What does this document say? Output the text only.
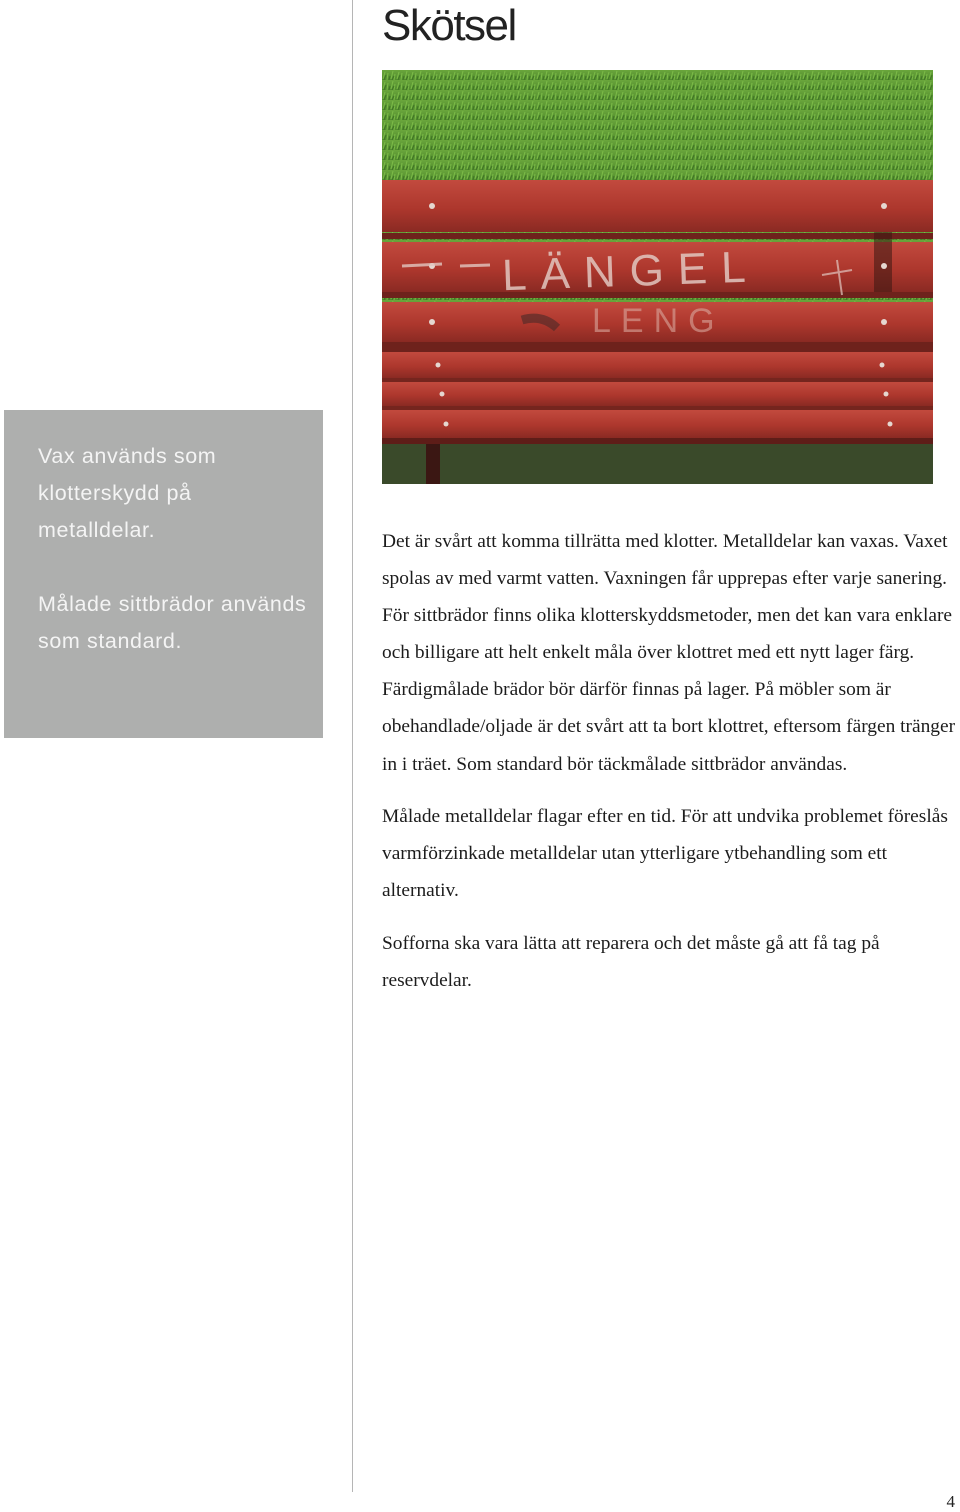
Skötsel

Vax används som klotterskydd på metalldelar.

Målade sittbrädor används som standard.

LÄNGEL
LENG

Det är svårt att komma tillrätta med klotter. Metalldelar kan vaxas. Vaxet spolas av med varmt vatten. Vaxningen får upprepas efter varje sanering. För sittbrädor finns olika klotterskyddsmetoder, men det kan vara enklare och billigare att helt enkelt måla över klottret med ett nytt lager färg. Färdigmålade brädor bör därför finnas på lager. På möbler som är obehandlade/oljade är det svårt att ta bort klottret, eftersom färgen tränger in i träet. Som standard bör täckmålade sittbrädor användas.

Målade metalldelar flagar efter en tid. För att undvika problemet föreslås varmförzinkade metalldelar utan ytterligare ytbehandling som ett alternativ.

Sofforna ska vara lätta att reparera och det måste gå att få tag på reservdelar.

4
